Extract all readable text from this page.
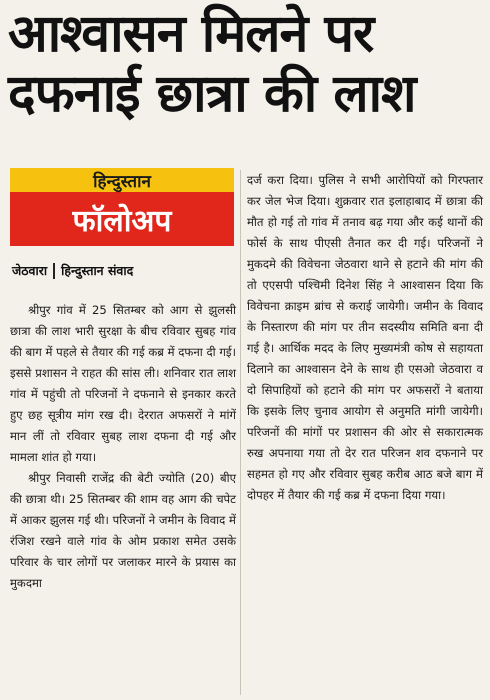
आश्वासन मिलने पर
दफनाई छात्रा की लाश
हिन्दुस्तान
फॉलोअप
जेठवारा हिन्दुस्तान संवाद

श्रीपुर गांव में 25 सितम्बर को आग से झुलसी छात्रा की लाश भारी सुरक्षा के बीच रविवार सुबह गांव की बाग में पहले से तैयार की गई कब्र में दफना दी गई। इससे प्रशासन ने राहत की सांस ली। शनिवार रात लाश गांव में पहुंची तो परिजनों ने दफनाने से इनकार करते हुए छह सूत्रीय मांग रख दी। देररात अफसरों ने मांगें मान लीं तो रविवार सुबह लाश दफना दी गई और मामला शांत हो गया।

श्रीपुर निवासी राजेंद्र की बेटी ज्योति (20) बीए की छात्रा थी। 25 सितम्बर की शाम वह आग की चपेट में आकर झुलस गई थी। परिजनों ने जमीन के विवाद में रंजिश रखने वाले गांव के ओम प्रकाश समेत उसके परिवार के चार लोगों पर जलाकर मारने के प्रयास का मुकदमा

दर्ज करा दिया। पुलिस ने सभी आरोपियों को गिरफ्तार कर जेल भेज दिया। शुक्रवार रात इलाहाबाद में छात्रा की मौत हो गई तो गांव में तनाव बढ़ गया और कई थानों की फोर्स के साथ पीएसी तैनात कर दी गई। परिजनों ने मुकदमे की विवेचना जेठवारा थाने से हटाने की मांग की तो एएसपी पश्चिमी दिनेश सिंह ने आश्वासन दिया कि विवेचना क्राइम ब्रांच से कराई जायेगी। जमीन के विवाद के निस्तारण की मांग पर तीन सदस्यीय समिति बना दी गई है। आर्थिक मदद के लिए मुख्यमंत्री कोष से सहायता दिलाने का आश्वासन देने के साथ ही एसओ जेठवारा व दो सिपाहियों को हटाने की मांग पर अफसरों ने बताया कि इसके लिए चुनाव आयोग से अनुमति मांगी जायेगी। परिजनों की मांगों पर प्रशासन की ओर से सकारात्मक रुख अपनाया गया तो देर रात परिजन शव दफनाने पर सहमत हो गए और रविवार सुबह करीब आठ बजे बाग में दोपहर में तैयार की गई कब्र में दफना दिया गया।
